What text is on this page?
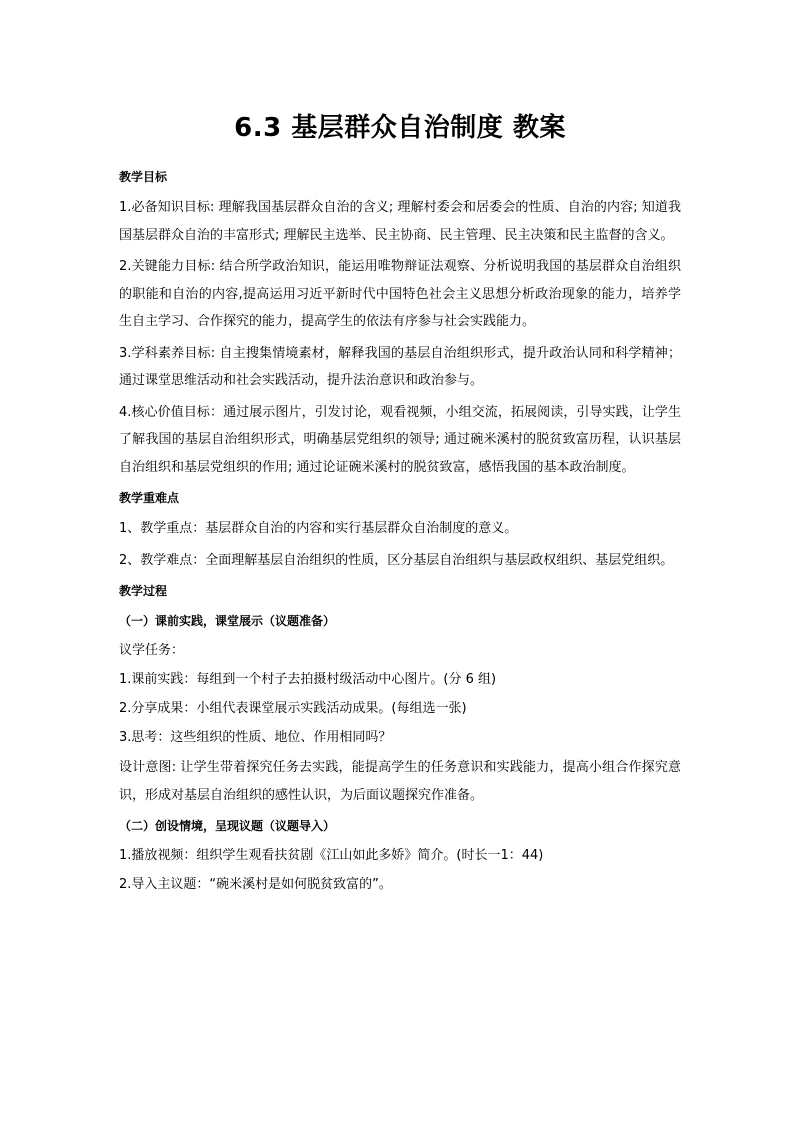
6.3 基层群众自治制度 教案
教学目标

1.必备知识目标: 理解我国基层群众自治的含义; 理解村委会和居委会的性质、自治的内容; 知道我国基层群众自治的丰富形式; 理解民主选举、民主协商、民主管理、民主决策和民主监督的含义。

2.关键能力目标: 结合所学政治知识，能运用唯物辩证法观察、分析说明我国的基层群众自治组织的职能和自治的内容,提高运用习近平新时代中国特色社会主义思想分析政治现象的能力，培养学生自主学习、合作探究的能力，提高学生的依法有序参与社会实践能力。

3.学科素养目标: 自主搜集情境素材，解释我国的基层自治组织形式，提升政治认同和科学精神；通过课堂思维活动和社会实践活动，提升法治意识和政治参与。

4.核心价值目标：通过展示图片，引发讨论，观看视频，小组交流，拓展阅读，引导实践，让学生了解我国的基层自治组织形式，明确基层党组织的领导; 通过碗米溪村的脱贫致富历程，认识基层自治组织和基层党组织的作用; 通过论证碗米溪村的脱贫致富，感悟我国的基本政治制度。

教学重难点

1、教学重点：基层群众自治的内容和实行基层群众自治制度的意义。

2、教学难点：全面理解基层自治组织的性质，区分基层自治组织与基层政权组织、基层党组织。

教学过程
（一）课前实践，课堂展示（议题准备）

议学任务：

1.课前实践：每组到一个村子去拍摄村级活动中心图片。(分 6 组)

2.分享成果：小组代表课堂展示实践活动成果。(每组选一张)

3.思考：这些组织的性质、地位、作用相同吗？

设计意图: 让学生带着探究任务去实践，能提高学生的任务意识和实践能力，提高小组合作探究意识，形成对基层自治组织的感性认识，为后面议题探究作准备。

（二）创设情境，呈现议题（议题导入）

1.播放视频：组织学生观看扶贫剧《江山如此多娇》简介。(时长一1：44)

2.导入主议题：“碗米溪村是如何脱贫致富的”。
